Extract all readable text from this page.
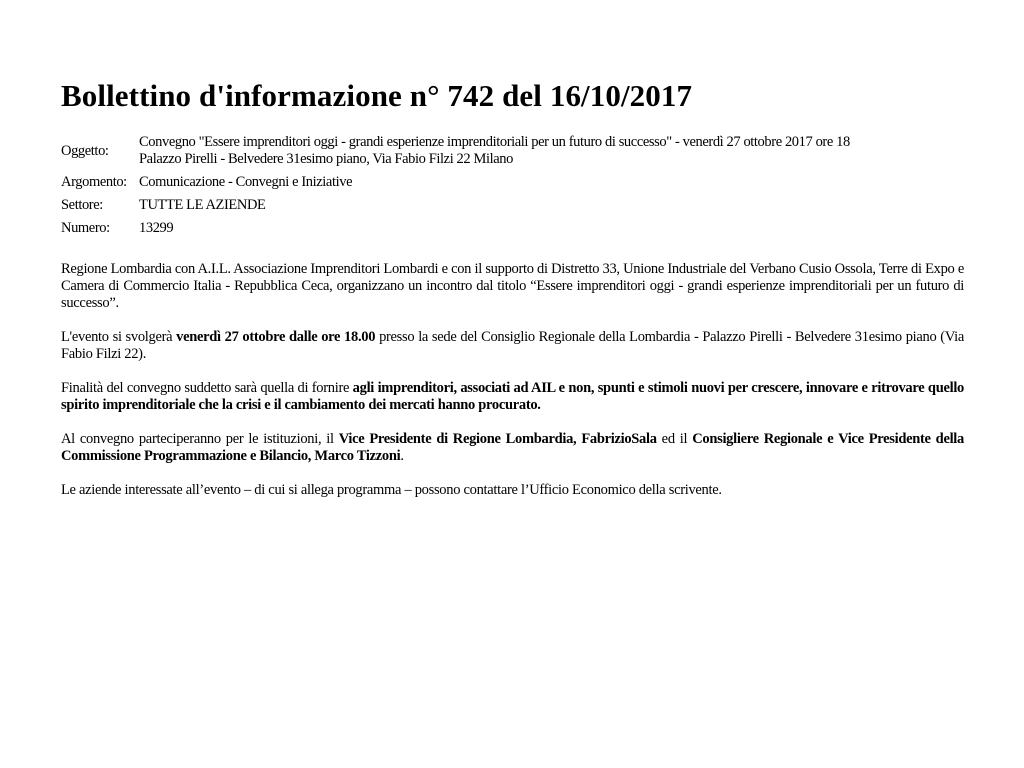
Bollettino d'informazione n° 742 del 16/10/2017
Oggetto:	Convegno "Essere imprenditori oggi - grandi esperienze imprenditoriali per un futuro di successo" - venerdì 27 ottobre 2017 ore 18
Palazzo Pirelli - Belvedere 31esimo piano, Via Fabio Filzi 22 Milano

Argomento:	Comunicazione - Convegni e Iniziative
Settore:	TUTTE LE AZIENDE
Numero:	13299

Regione Lombardia con A.I.L. Associazione Imprenditori Lombardi e con il supporto di Distretto 33, Unione Industriale del Verbano Cusio Ossola, Terre di Expo e Camera di Commercio Italia - Repubblica Ceca, organizzano un incontro dal titolo “Essere imprenditori oggi - grandi esperienze imprenditoriali per un futuro di successo”.

L'evento si svolgerà venerdì 27 ottobre dalle ore 18.00 presso la sede del Consiglio Regionale della Lombardia - Palazzo Pirelli - Belvedere 31esimo piano (Via Fabio Filzi 22).

Finalità del convegno suddetto sarà quella di fornire agli imprenditori, associati ad AIL e non, spunti e stimoli nuovi per crescere, innovare e ritrovare quello spirito imprenditoriale che la crisi e il cambiamento dei mercati hanno procurato.

Al convegno parteciperanno per le istituzioni, il Vice Presidente di Regione Lombardia, FabrizioSala ed il Consigliere Regionale e Vice Presidente della Commissione Programmazione e Bilancio, Marco Tizzoni.

Le aziende interessate all’evento – di cui si allega programma – possono contattare l’Ufficio Economico della scrivente.
